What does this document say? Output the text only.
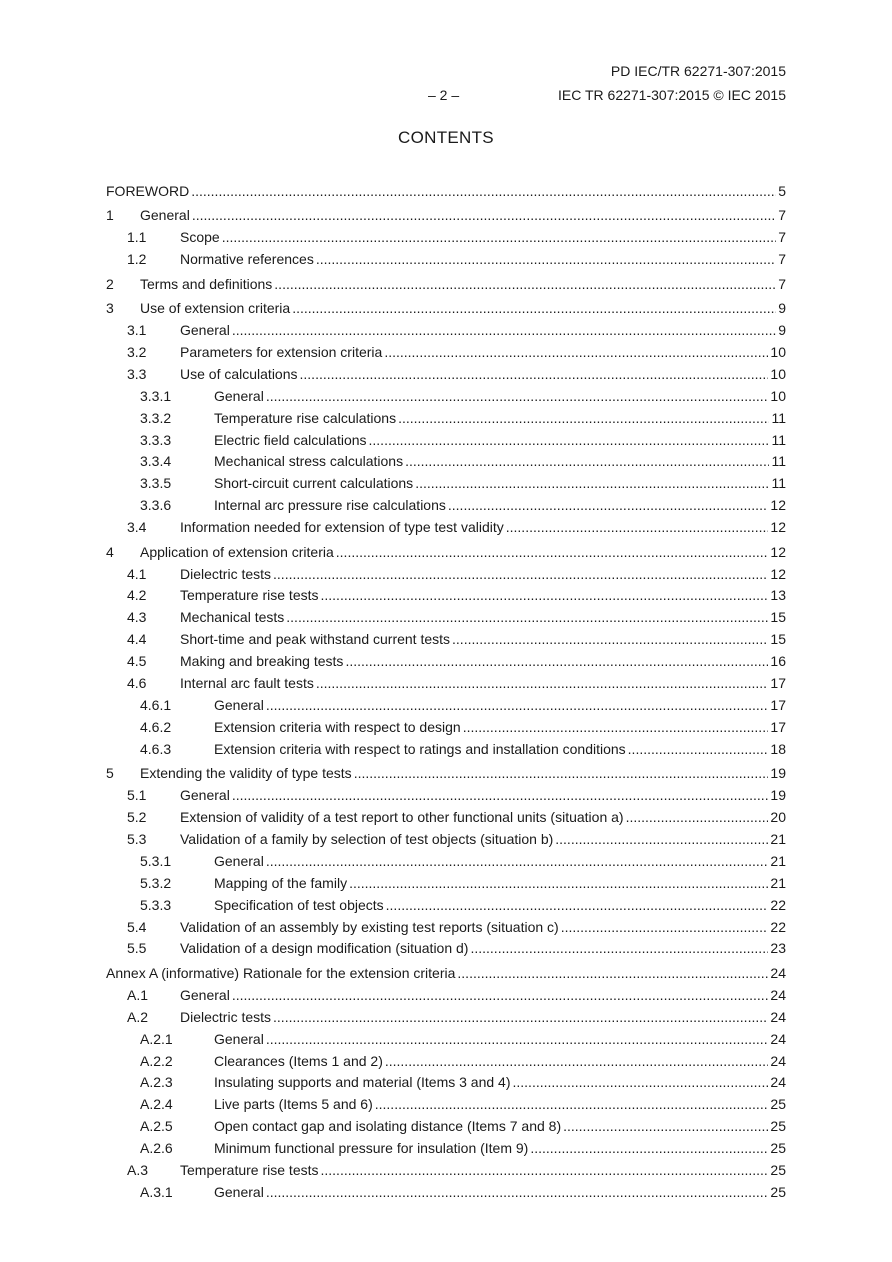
PD IEC/TR 62271-307:2015
– 2 –	IEC TR 62271-307:2015 © IEC 2015
CONTENTS
FOREWORD .....	5
1	General .....	7
1.1	Scope .....	7
1.2	Normative references .....	7
2	Terms and definitions .....	7
3	Use of extension criteria .....	9
3.1	General .....	9
3.2	Parameters for extension criteria .....	10
3.3	Use of calculations .....	10
3.3.1	General .....	10
3.3.2	Temperature rise calculations .....	11
3.3.3	Electric field calculations .....	11
3.3.4	Mechanical stress calculations .....	11
3.3.5	Short-circuit current calculations .....	11
3.3.6	Internal arc pressure rise calculations .....	12
3.4	Information needed for extension of type test validity .....	12
4	Application of extension criteria .....	12
4.1	Dielectric tests .....	12
4.2	Temperature rise tests .....	13
4.3	Mechanical tests .....	15
4.4	Short-time and peak withstand current tests .....	15
4.5	Making and breaking tests .....	16
4.6	Internal arc fault tests .....	17
4.6.1	General .....	17
4.6.2	Extension criteria with respect to design .....	17
4.6.3	Extension criteria with respect to ratings and installation conditions .....	18
5	Extending the validity of type tests .....	19
5.1	General .....	19
5.2	Extension of validity of a test report to other functional units (situation a) .....	20
5.3	Validation of a family by selection of test objects (situation b) .....	21
5.3.1	General .....	21
5.3.2	Mapping of the family .....	21
5.3.3	Specification of test objects .....	22
5.4	Validation of an assembly by existing test reports (situation c) .....	22
5.5	Validation of a design modification (situation d) .....	23
Annex A (informative) Rationale for the extension criteria .....	24
A.1	General .....	24
A.2	Dielectric tests .....	24
A.2.1	General .....	24
A.2.2	Clearances (Items 1 and 2) .....	24
A.2.3	Insulating supports and material (Items 3 and 4) .....	24
A.2.4	Live parts (Items 5 and 6) .....	25
A.2.5	Open contact gap and isolating distance (Items 7 and 8) .....	25
A.2.6	Minimum functional pressure for insulation (Item 9) .....	25
A.3	Temperature rise tests .....	25
A.3.1	General .....	25
